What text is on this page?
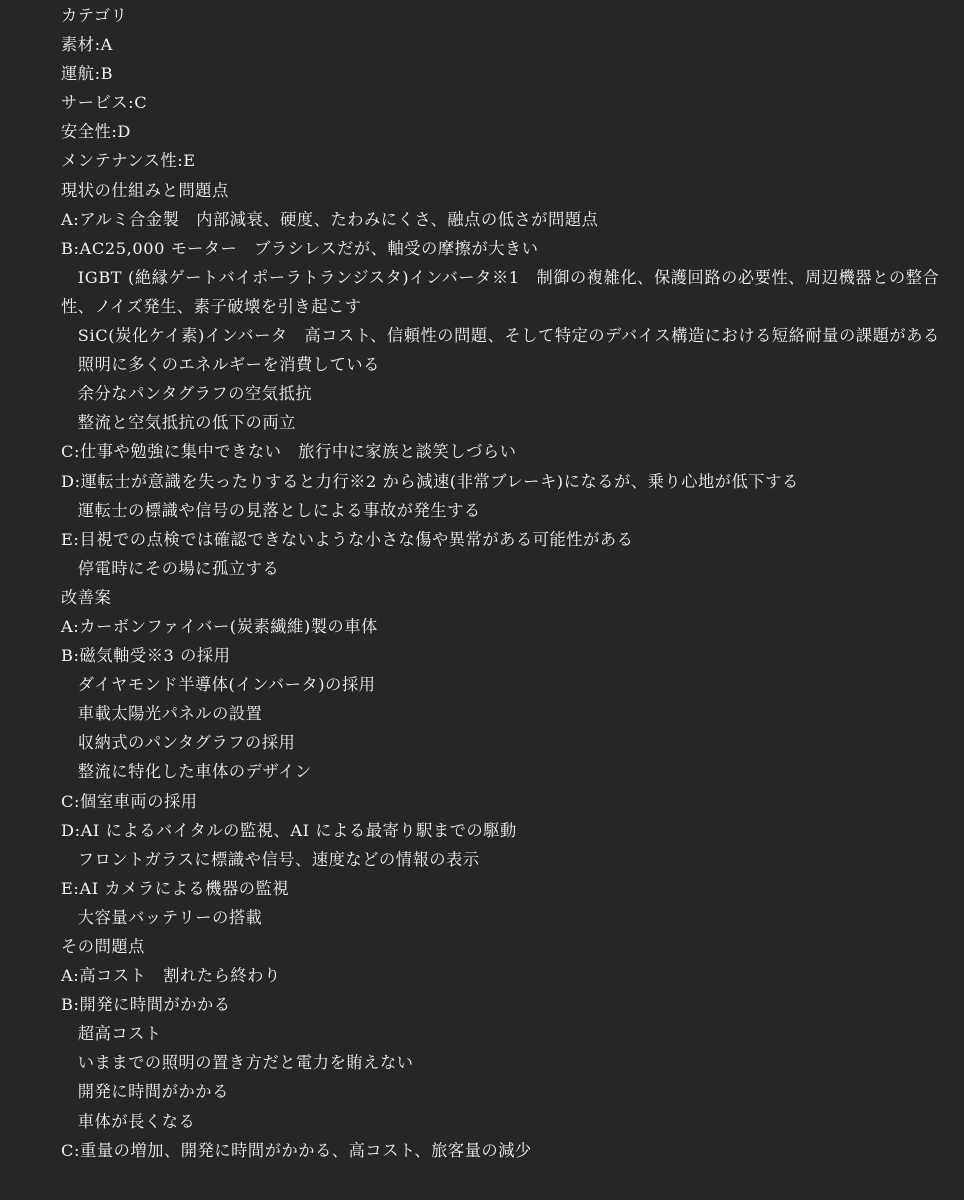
カテゴリ

素材:A

運航:B

サービス:C

安全性:D

メンテナンス性:E

現状の仕組みと問題点

A:アルミ合金製　内部減衰、硬度、たわみにくさ、融点の低さが問題点

B:AC25,000 モーター　ブラシレスだが、軸受の摩擦が大きい

　IGBT (絶縁ゲートバイポーラトランジスタ)インバータ※1　制御の複雑化、保護回路の必要性、周辺機器との整合性、ノイズ発生、素子破壊を引き起こす

　SiC(炭化ケイ素)インバータ　高コスト、信頼性の問題、そして特定のデバイス構造における短絡耐量の課題がある

　照明に多くのエネルギーを消費している

　余分なパンタグラフの空気抵抗

　整流と空気抵抗の低下の両立

C:仕事や勉強に集中できない　旅行中に家族と談笑しづらい

D:運転士が意識を失ったりすると力行※2 から減速(非常ブレーキ)になるが、乗り心地が低下する

　運転士の標識や信号の見落としによる事故が発生する

E:目視での点検では確認できないような小さな傷や異常がある可能性がある

　停電時にその場に孤立する

改善案

A:カーボンファイバー(炭素繊維)製の車体

B:磁気軸受※3 の採用

　ダイヤモンド半導体(インバータ)の採用

　車載太陽光パネルの設置

　収納式のパンタグラフの採用

　整流に特化した車体のデザイン

C:個室車両の採用

D:AI によるバイタルの監視、AI による最寄り駅までの駆動

　フロントガラスに標識や信号、速度などの情報の表示

E:AI カメラによる機器の監視

　大容量バッテリーの搭載

その問題点

A:高コスト　割れたら終わり

B:開発に時間がかかる

　超高コスト

　いままでの照明の置き方だと電力を賄えない

　開発に時間がかかる

　車体が長くなる

C:重量の増加、開発に時間がかかる、高コスト、旅客量の減少
